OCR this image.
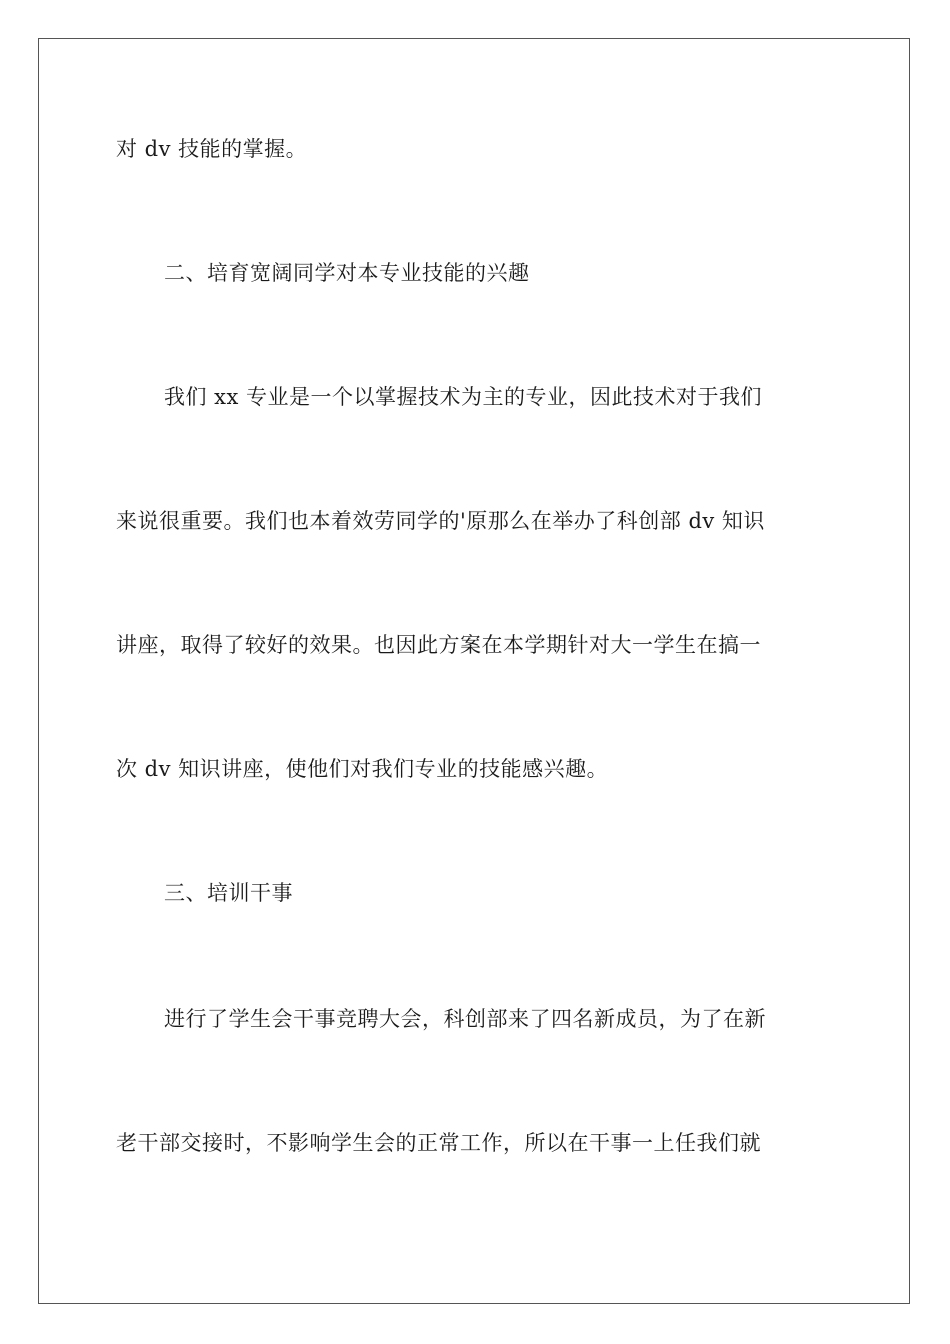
对 dv 技能的掌握。
二、培育宽阔同学对本专业技能的兴趣
我们 xx 专业是一个以掌握技术为主的专业，因此技术对于我们
来说很重要。我们也本着效劳同学的'原那么在举办了科创部 dv 知识
讲座，取得了较好的效果。也因此方案在本学期针对大一学生在搞一
次 dv 知识讲座，使他们对我们专业的技能感兴趣。
三、培训干事
进行了学生会干事竞聘大会，科创部来了四名新成员，为了在新
老干部交接时，不影响学生会的正常工作，所以在干事一上任我们就
